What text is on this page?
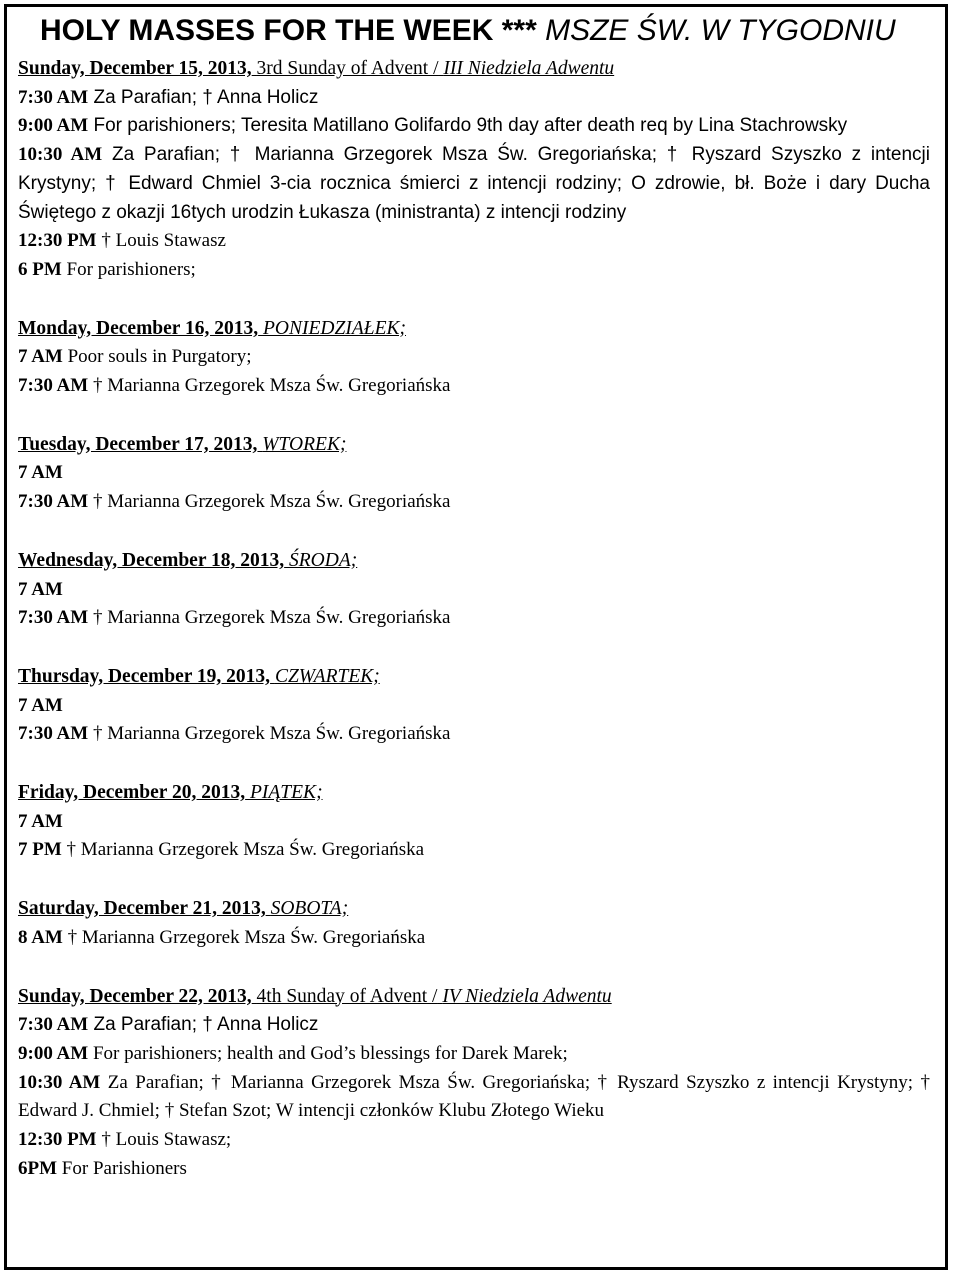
HOLY MASSES FOR THE WEEK *** MSZE ŚW. W TYGODNIU

Sunday, December 15, 2013, 3rd Sunday of Advent / III Niedziela Adwentu

7:30 AM Za Parafian; † Anna Holicz

9:00 AM For parishioners; Teresita Matillano Golifardo 9th day after death req by Lina Stachrowsky

10:30 AM Za Parafian; † Marianna Grzegorek Msza Św. Gregoriańska; † Ryszard Szyszko z intencji Krystyny; † Edward Chmiel 3-cia rocznica śmierci z intencji rodziny; O zdrowie, bł. Boże i dary Ducha Świętego z okazji 16tych urodzin Łukasza (ministranta) z intencji rodziny

12:30 PM † Louis Stawasz

6 PM For parishioners;

Monday, December 16, 2013, PONIEDZIAŁEK;

7 AM Poor souls in Purgatory;

7:30 AM † Marianna Grzegorek Msza Św. Gregoriańska

Tuesday, December 17, 2013, WTOREK;

7 AM

7:30 AM † Marianna Grzegorek Msza Św. Gregoriańska

Wednesday, December 18, 2013, ŚRODA;

7 AM

7:30 AM † Marianna Grzegorek Msza Św. Gregoriańska

Thursday, December 19, 2013, CZWARTEK;

7 AM

7:30 AM † Marianna Grzegorek Msza Św. Gregoriańska

Friday, December 20, 2013, PIĄTEK;

7 AM

7 PM † Marianna Grzegorek Msza Św. Gregoriańska

Saturday, December 21, 2013, SOBOTA;

8 AM † Marianna Grzegorek Msza Św. Gregoriańska

Sunday, December 22, 2013, 4th Sunday of Advent / IV Niedziela Adwentu

7:30 AM Za Parafian; † Anna Holicz

9:00 AM For parishioners; health and God’s blessings for Darek Marek;

10:30 AM Za Parafian; † Marianna Grzegorek Msza Św. Gregoriańska; † Ryszard Szyszko z intencji Krystyny; † Edward J. Chmiel; † Stefan Szot; W intencji członków Klubu Złotego Wieku

12:30 PM † Louis Stawasz;

6PM For Parishioners
